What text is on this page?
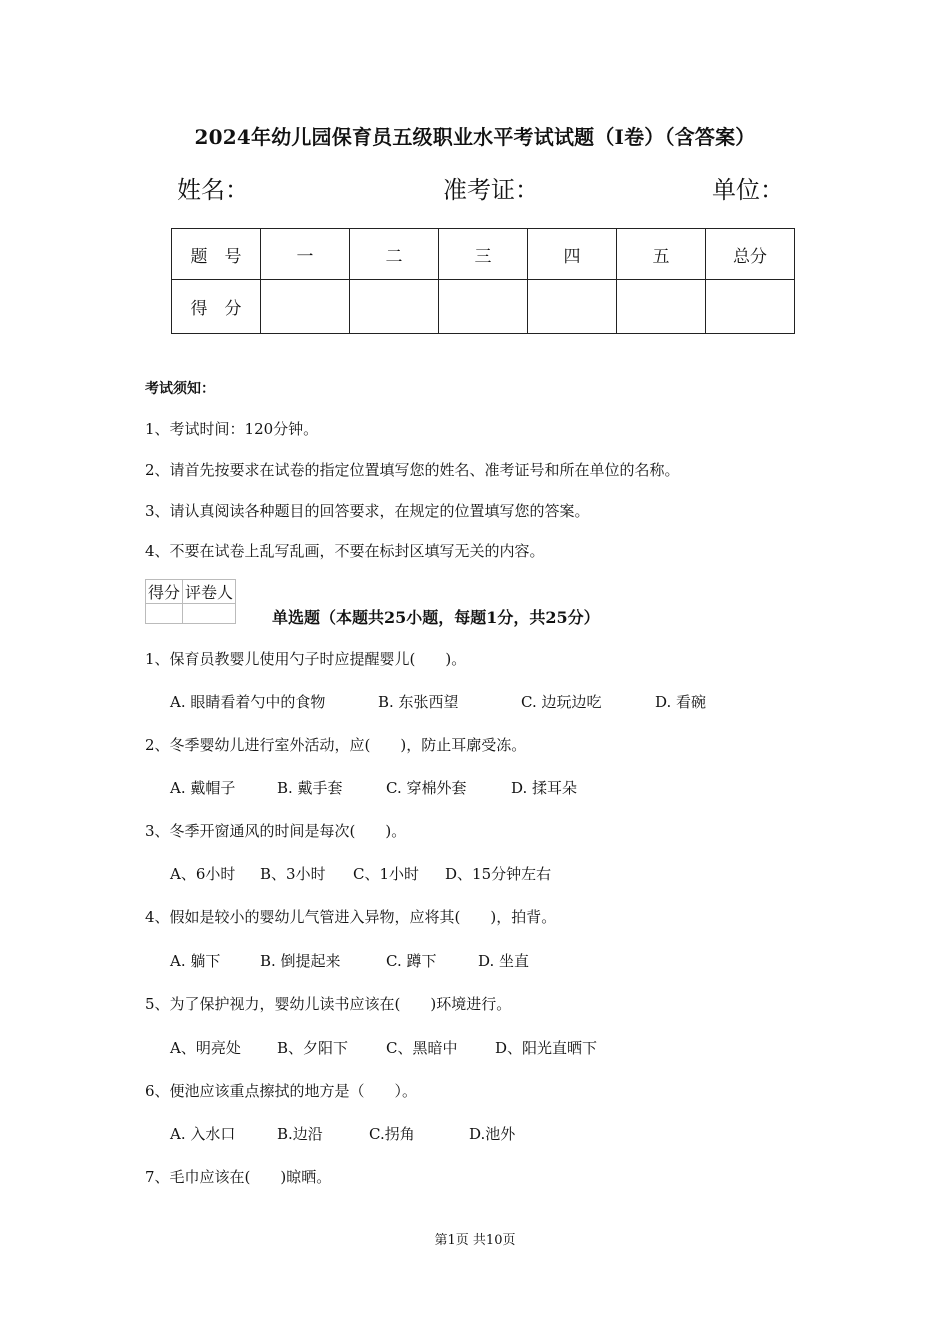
2024年幼儿园保育员五级职业水平考试试题（I卷）（含答案）
姓名：	准考证：	单位：
题　号	一	二	三	四	五	总分
得　分						
考试须知：
1、考试时间：120分钟。
2、请首先按要求在试卷的指定位置填写您的姓名、准考证号和所在单位的名称。
3、请认真阅读各种题目的回答要求，在规定的位置填写您的答案。
4、不要在试卷上乱写乱画，不要在标封区填写无关的内容。
得分	评卷人

单选题（本题共25小题，每题1分，共25分）
1、保育员教婴儿使用勺子时应提醒婴儿(　　)。
A. 眼睛看着勺中的食物	B. 东张西望	C. 边玩边吃	D. 看碗
2、冬季婴幼儿进行室外活动，应(　　)，防止耳廓受冻。
A. 戴帽子	B. 戴手套	C. 穿棉外套	D. 揉耳朵
3、冬季开窗通风的时间是每次(　　)。
A、6小时 B、3小时 C、1小时 D、15分钟左右
4、假如是较小的婴幼儿气管进入异物，应将其(　　)，拍背。
A. 躺下	B. 倒提起来	C. 蹲下	D. 坐直
5、为了保护视力，婴幼儿读书应该在(　　)环境进行。
A、明亮处 B、夕阳下	C、黑暗中	D、阳光直晒下
6、便池应该重点擦拭的地方是（　　）。
A. 入水口	B.边沿	C.拐角	D.池外
7、毛巾应该在(　　)晾晒。
第1页 共10页
